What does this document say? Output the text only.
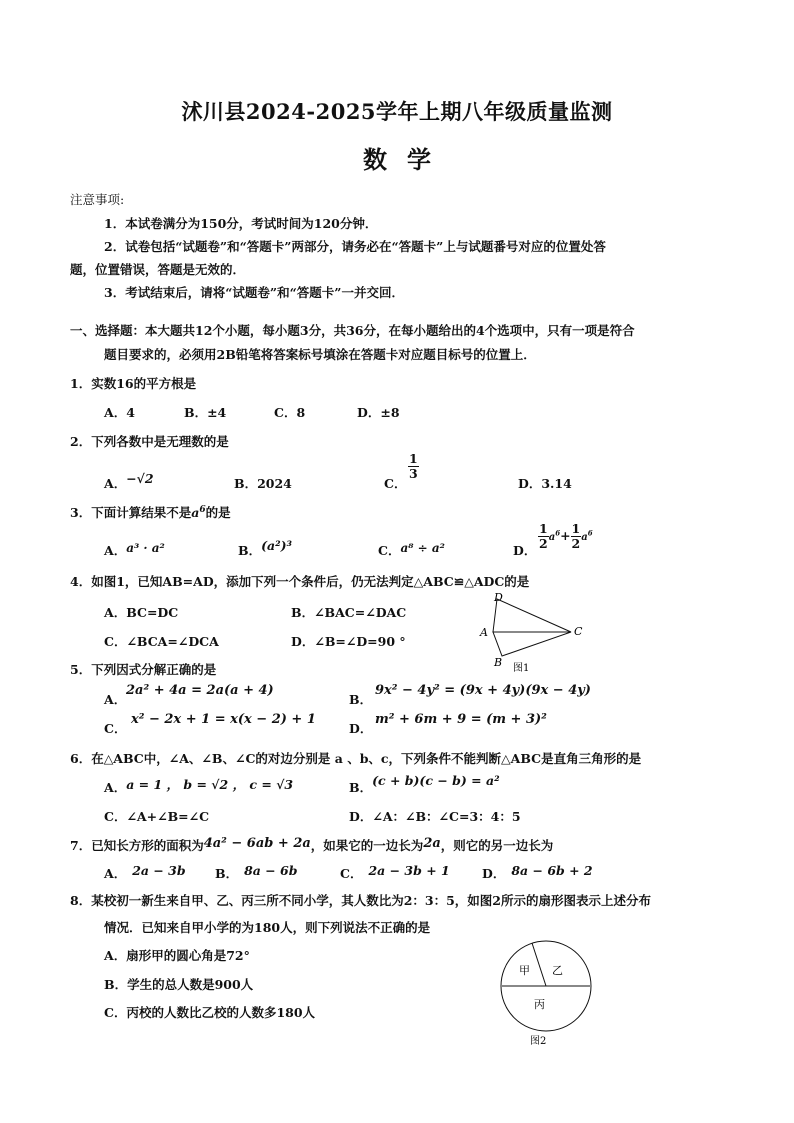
沭川县2024-2025学年上期八年级质量监测
数学
注意事项:
1．本试卷满分为150分，考试时间为120分钟．
2．试卷包括“试题卷”和“答题卡”两部分，请务必在“答题卡”上与试题番号对应的位置处答
题，位置错误，答题是无效的．
3．考试结束后，请将“试题卷”和“答题卡”一并交回．
一、选择题：本大题共12个小题，每小题3分，共36分，在每小题给出的4个选项中，只有一项是符合
题目要求的，必须用2B铅笔将答案标号填涂在答题卡对应题目标号的位置上．
1．实数16的平方根是
A．4	B．±4	C．8	D．±8
2．下列各数中是无理数的是
A．−√2	B．2024	C．
$\frac{1}{3}$
D．3.14
3．下面计算结果不是$a^6$的是
A．a³ · a²	B．(a²)³	C．a⁸ ÷ a²	D． $\frac{1}{2} a^6+ \frac{1}{2} a^6$
4．如图1，已知AB=AD，添加下列一个条件后，仍无法判定△ABC≌△ADC的是
A．BC=DC	B．∠BAC=∠DAC
C．∠BCA=∠DCA	D．∠B=∠D=90 °
D
A	C
B 图1
5．下列因式分解正确的是
A．
2a² + 4a = 2a(a + 4)
B．
9x² − 4y² = (9x + 4y)(9x − 4y)
C．
x² − 2x + 1 = x(x − 2) + 1
D．
m² + 6m + 9 = (m + 3)²
6．在△ABC中，∠A、∠B、∠C的对边分别是 a 、b、c，下列条件不能判断△ABC是直角三角形的是
A．a = 1 ， b = √2 ， c = √3	B．(c + b)(c − b) = a²
C．∠A+∠B=∠C	D．∠A：∠B：∠C=3：4：5
7．已知长方形的面积为4a² − 6ab + 2a，如果它的一边长为2a，则它的另一边长为
A． 2a − 3b B． 8a − 6b	C． 2a − 3b + 1	D． 8a − 6b + 2
8．某校初一新生来自甲、乙、丙三所不同小学，其人数比为2：3：5，如图2所示的扇形图表示上述分布
情况．已知来自甲小学的为180人，则下列说法不正确的是
A．扇形甲的圆心角是72°
B．学生的总人数是900人
C．丙校的人数比乙校的人数多180人
甲 乙
丙
图2
